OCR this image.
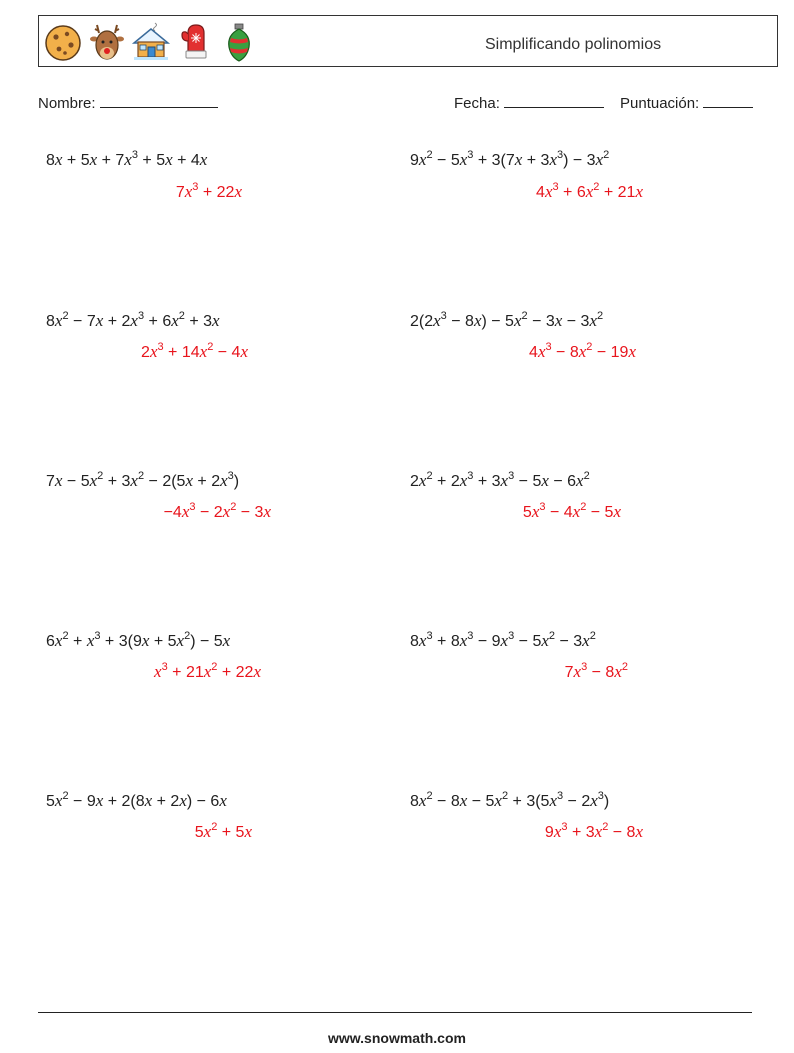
Simplificando polinomios
Nombre:	Fecha:	Puntuación:
$8x + 5x + 7x^3 + 5x + 4x$
$7x^3 + 22x$
$9x^2 - 5x^3 + 3(7x + 3x^3) - 3x^2$
$4x^3 + 6x^2 + 21x$
$8x^2 - 7x + 2x^3 + 6x^2 + 3x$
$2x^3 + 14x^2 - 4x$
$2(2x^3 - 8x) - 5x^2 - 3x - 3x^2$
$4x^3 - 8x^2 - 19x$
$7x - 5x^2 + 3x^2 - 2(5x + 2x^3)$
$-4x^3 - 2x^2 - 3x$
$2x^2 + 2x^3 + 3x^3 - 5x - 6x^2$
$5x^3 - 4x^2 - 5x$
$6x^2 + x^3 + 3(9x + 5x^2) - 5x$
$x^3 + 21x^2 + 22x$
$8x^3 + 8x^3 - 9x^3 - 5x^2 - 3x^2$
$7x^3 - 8x^2$
$5x^2 - 9x + 2(8x + 2x) - 6x$
$5x^2 + 5x$
$8x^2 - 8x - 5x^2 + 3(5x^3 - 2x^3)$
$9x^3 + 3x^2 - 8x$
www.snowmath.com
